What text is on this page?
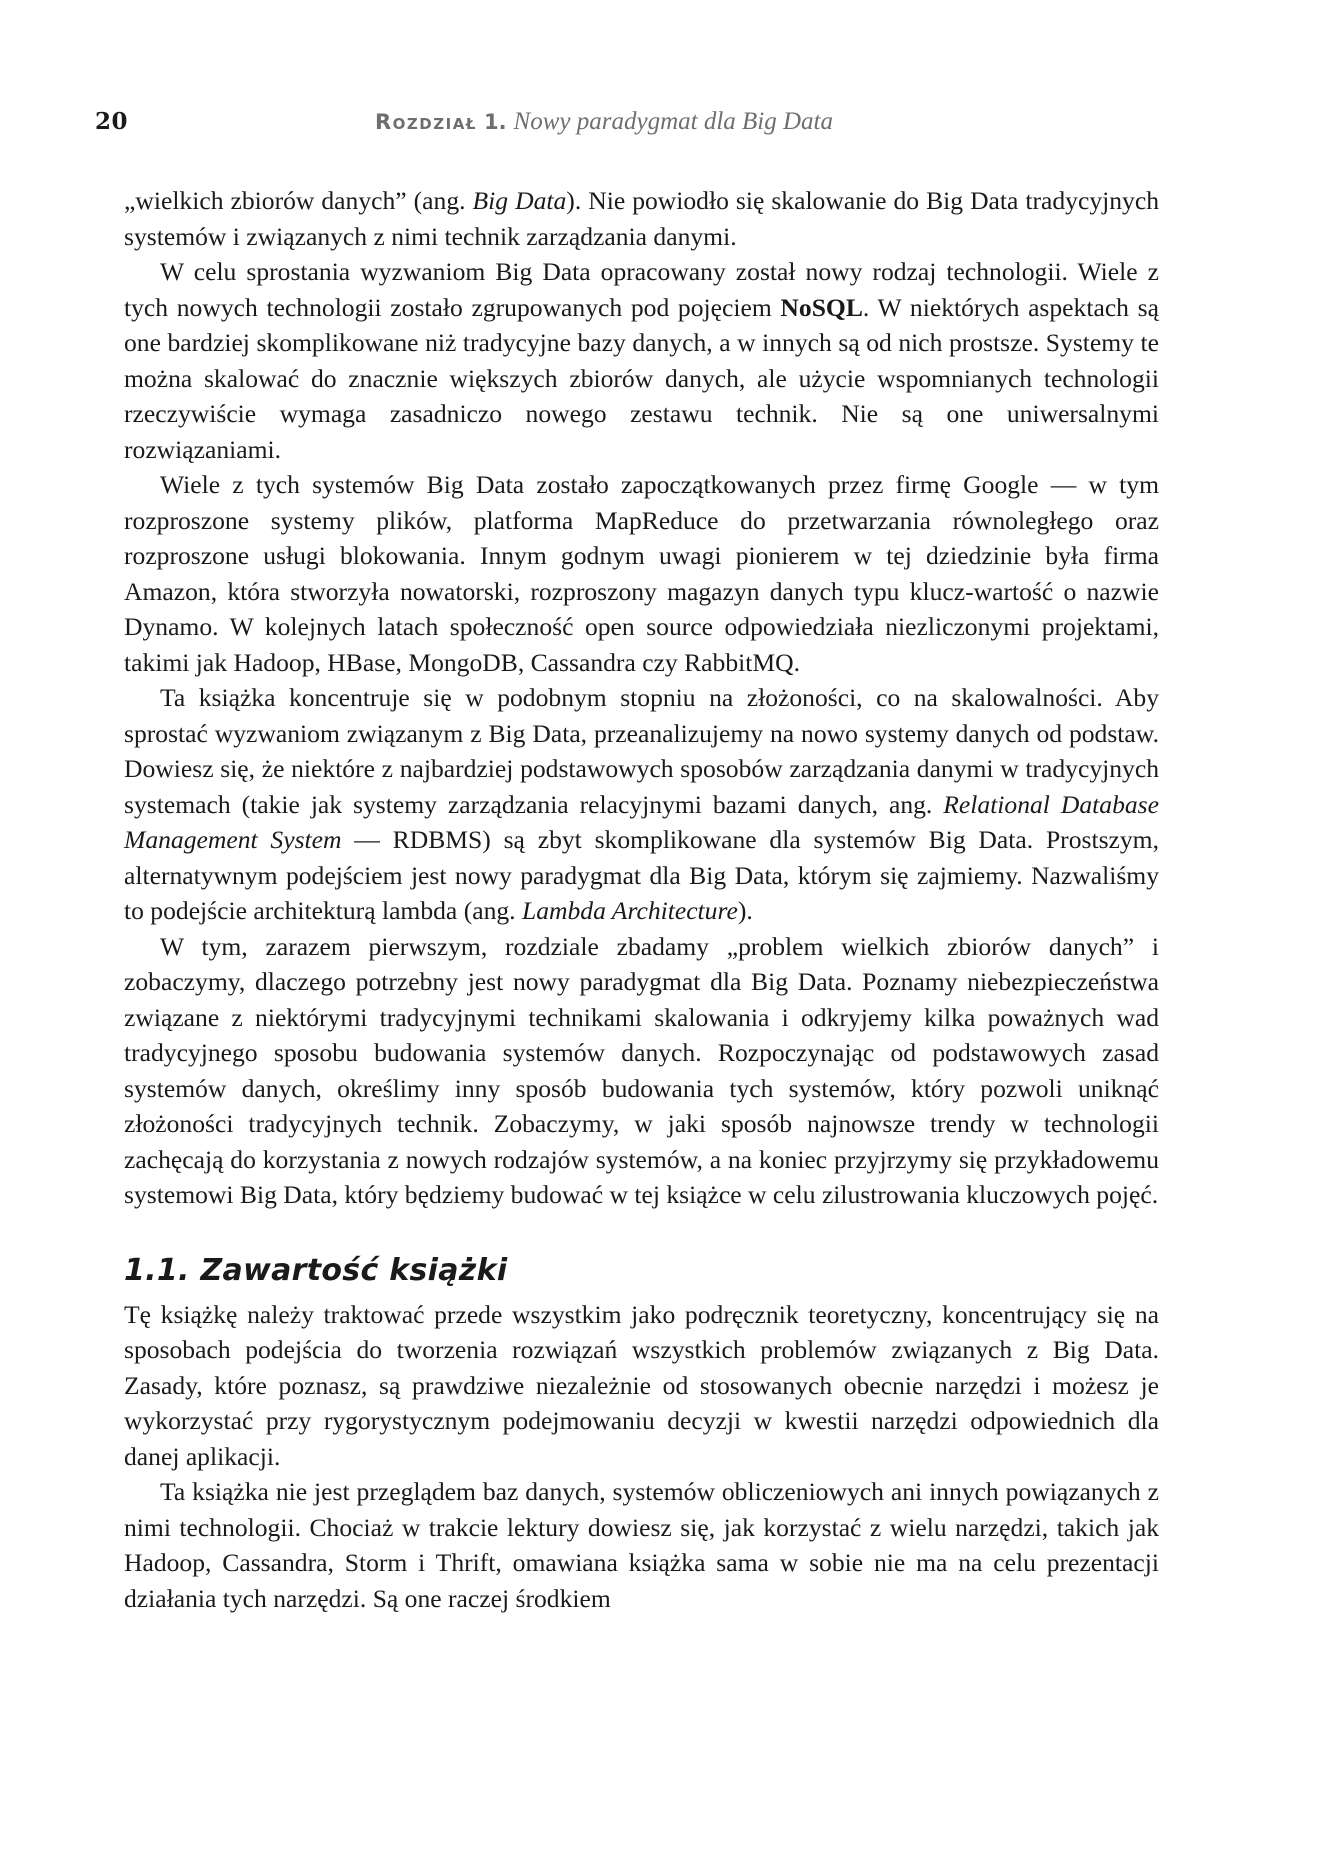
20	Rozdział 1. Nowy paradygmat dla Big Data

„wielkich zbiorów danych” (ang. Big Data). Nie powiodło się skalowanie do Big Data tradycyjnych systemów i związanych z nimi technik zarządzania danymi.

W celu sprostania wyzwaniom Big Data opracowany został nowy rodzaj technologii. Wiele z tych nowych technologii zostało zgrupowanych pod pojęciem NoSQL. W niektórych aspektach są one bardziej skomplikowane niż tradycyjne bazy danych, a w innych są od nich prostsze. Systemy te można skalować do znacznie większych zbiorów danych, ale użycie wspomnianych technologii rzeczywiście wymaga zasadniczo nowego zestawu technik. Nie są one uniwersalnymi rozwiązaniami.

Wiele z tych systemów Big Data zostało zapoczątkowanych przez firmę Google — w tym rozproszone systemy plików, platforma MapReduce do przetwarzania równoległego oraz rozproszone usługi blokowania. Innym godnym uwagi pionierem w tej dziedzinie była firma Amazon, która stworzyła nowatorski, rozproszony magazyn danych typu klucz-wartość o nazwie Dynamo. W kolejnych latach społeczność open source odpowiedziała niezliczonymi projektami, takimi jak Hadoop, HBase, MongoDB, Cassandra czy RabbitMQ.

Ta książka koncentruje się w podobnym stopniu na złożoności, co na skalowalności. Aby sprostać wyzwaniom związanym z Big Data, przeanalizujemy na nowo systemy danych od podstaw. Dowiesz się, że niektóre z najbardziej podstawowych sposobów zarządzania danymi w tradycyjnych systemach (takie jak systemy zarządzania relacyjnymi bazami danych, ang. Relational Database Management System — RDBMS) są zbyt skomplikowane dla systemów Big Data. Prostszym, alternatywnym podejściem jest nowy paradygmat dla Big Data, którym się zajmiemy. Nazwaliśmy to podejście architekturą lambda (ang. Lambda Architecture).

W tym, zarazem pierwszym, rozdziale zbadamy „problem wielkich zbiorów danych” i zobaczymy, dlaczego potrzebny jest nowy paradygmat dla Big Data. Poznamy niebezpieczeństwa związane z niektórymi tradycyjnymi technikami skalowania i odkryjemy kilka poważnych wad tradycyjnego sposobu budowania systemów danych. Rozpoczynając od podstawowych zasad systemów danych, określimy inny sposób budowania tych systemów, który pozwoli uniknąć złożoności tradycyjnych technik. Zobaczymy, w jaki sposób najnowsze trendy w technologii zachęcają do korzystania z nowych rodzajów systemów, a na koniec przyjrzymy się przykładowemu systemowi Big Data, który będziemy budować w tej książce w celu zilustrowania kluczowych pojęć.

1.1. Zawartość książki

Tę książkę należy traktować przede wszystkim jako podręcznik teoretyczny, koncentrujący się na sposobach podejścia do tworzenia rozwiązań wszystkich problemów związanych z Big Data. Zasady, które poznasz, są prawdziwe niezależnie od stosowanych obecnie narzędzi i możesz je wykorzystać przy rygorystycznym podejmowaniu decyzji w kwestii narzędzi odpowiednich dla danej aplikacji.

Ta książka nie jest przeglądem baz danych, systemów obliczeniowych ani innych powiązanych z nimi technologii. Chociaż w trakcie lektury dowiesz się, jak korzystać z wielu narzędzi, takich jak Hadoop, Cassandra, Storm i Thrift, omawiana książka sama w sobie nie ma na celu prezentacji działania tych narzędzi. Są one raczej środkiem
